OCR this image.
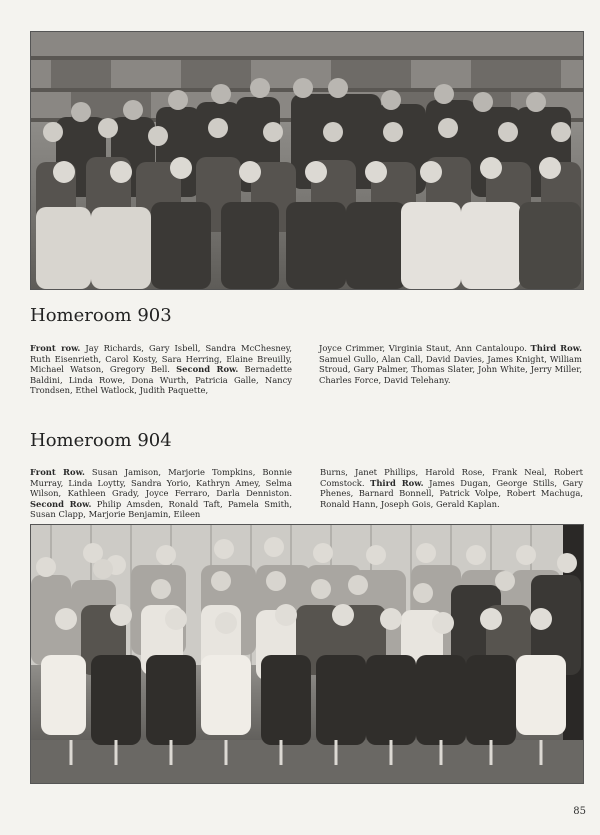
Homeroom 903

Front row. Jay Richards, Gary Isbell, Sandra McChesney, Ruth Eisenrieth, Carol Kosty, Sara Herring, Elaine Breuilly, Michael Watson, Gregory Bell. Second Row. Bernadette Baldini, Linda Rowe, Dona Wurth, Patricia Galle, Nancy Trondsen, Ethel Watlock, Judith Paquette,

Joyce Crimmer, Virginia Staut, Ann Cantaloupo. Third Row. Samuel Gullo, Alan Call, David Davies, James Knight, William Stroud, Gary Palmer, Thomas Slater, John White, Jerry Miller, Charles Force, David Telehany.

Homeroom 904

Front Row. Susan Jamison, Marjorie Tompkins, Bonnie Murray, Linda Loytty, Sandra Yorio, Kathryn Amey, Selma Wilson, Kathleen Grady, Joyce Ferraro, Darla Denniston. Second Row. Philip Amsden, Ronald Taft, Pamela Smith, Susan Clapp, Marjorie Benjamin, Eileen

Burns, Janet Phillips, Harold Rose, Frank Neal, Robert Comstock. Third Row. James Dugan, George Stills, Gary Phenes, Barnard Bonnell, Patrick Volpe, Robert Machuga, Ronald Hann, Joseph Gois, Gerald Kaplan.

85
